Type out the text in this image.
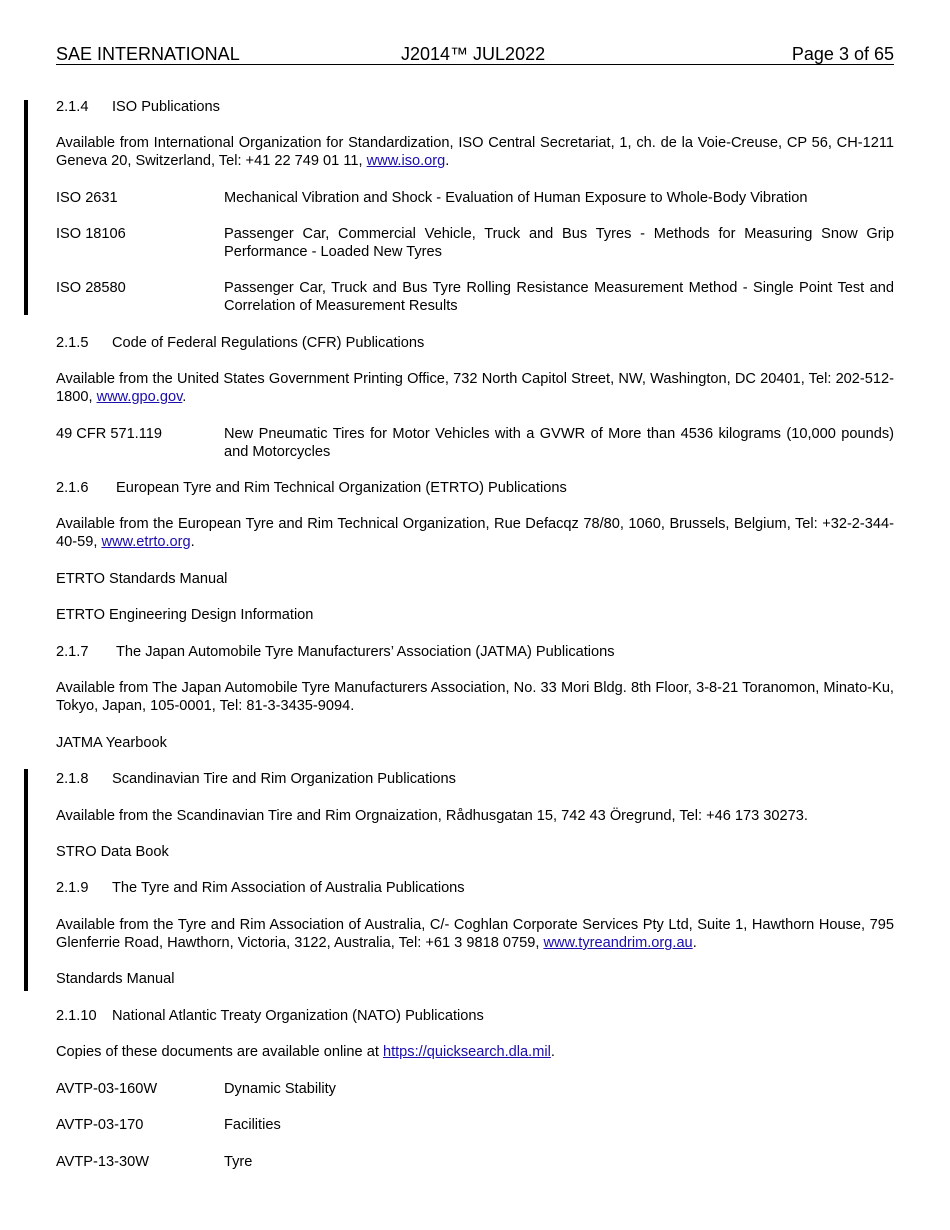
SAE INTERNATIONAL	J2014™ JUL2022	Page 3 of 65
2.1.4 ISO Publications
Available from International Organization for Standardization, ISO Central Secretariat, 1, ch. de la Voie-Creuse, CP 56, CH-1211 Geneva 20, Switzerland, Tel: +41 22 749 01 11, www.iso.org.
ISO 2631	Mechanical Vibration and Shock - Evaluation of Human Exposure to Whole-Body Vibration
ISO 18106	Passenger Car, Commercial Vehicle, Truck and Bus Tyres - Methods for Measuring Snow Grip Performance - Loaded New Tyres
ISO 28580	Passenger Car, Truck and Bus Tyre Rolling Resistance Measurement Method - Single Point Test and Correlation of Measurement Results
2.1.5 Code of Federal Regulations (CFR) Publications
Available from the United States Government Printing Office, 732 North Capitol Street, NW, Washington, DC 20401, Tel: 202-512-1800, www.gpo.gov.
49 CFR 571.119	New Pneumatic Tires for Motor Vehicles with a GVWR of More than 4536 kilograms (10,000 pounds) and Motorcycles
2.1.6 European Tyre and Rim Technical Organization (ETRTO) Publications
Available from the European Tyre and Rim Technical Organization, Rue Defacqz 78/80, 1060, Brussels, Belgium, Tel: +32-2-344-40-59, www.etrto.org.
ETRTO Standards Manual
ETRTO Engineering Design Information
2.1.7 The Japan Automobile Tyre Manufacturers’ Association (JATMA) Publications
Available from The Japan Automobile Tyre Manufacturers Association, No. 33 Mori Bldg. 8th Floor, 3-8-21 Toranomon, Minato-Ku, Tokyo, Japan, 105-0001, Tel: 81-3-3435-9094.
JATMA Yearbook
2.1.8 Scandinavian Tire and Rim Organization Publications
Available from the Scandinavian Tire and Rim Orgnaization, Rådhusgatan 15, 742 43 Öregrund, Tel: +46 173 30273.
STRO Data Book
2.1.9 The Tyre and Rim Association of Australia Publications
Available from the Tyre and Rim Association of Australia, C/- Coghlan Corporate Services Pty Ltd, Suite 1, Hawthorn House, 795 Glenferrie Road, Hawthorn, Victoria, 3122, Australia, Tel: +61 3 9818 0759, www.tyreandrim.org.au.
Standards Manual
2.1.10 National Atlantic Treaty Organization (NATO) Publications
Copies of these documents are available online at https://quicksearch.dla.mil.
AVTP-03-160W	Dynamic Stability
AVTP-03-170	Facilities
AVTP-13-30W	Tyre
